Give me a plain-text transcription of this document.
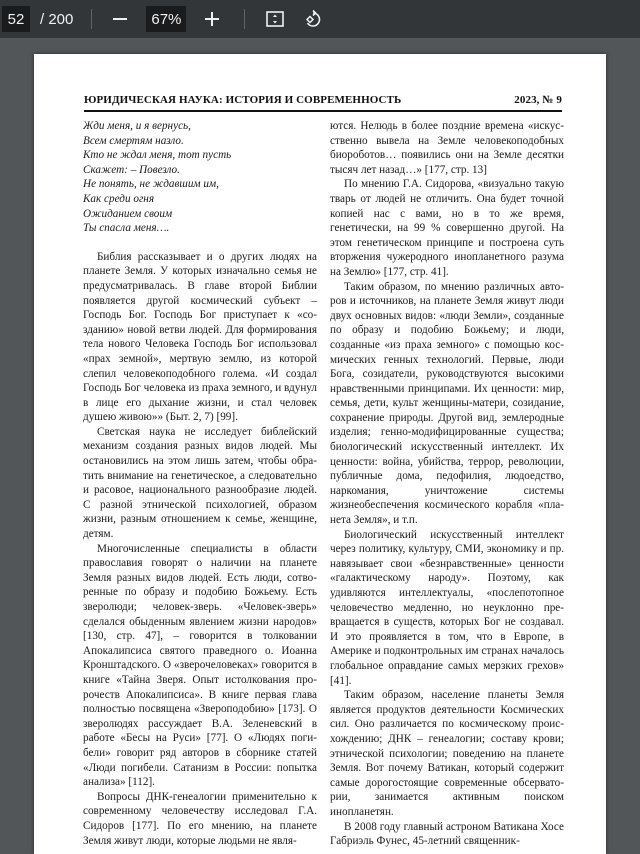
52	/ 200	67%
ЮРИДИЧЕСКАЯ НАУКА: ИСТОРИЯ И СОВРЕМЕННОСТЬ	2023, № 9

Жди меня, и я вернусь,

Всем смертям назло.

Кто не ждал меня, тот пусть

Скажет: – Повезло.

Не понять, не ждавшим им,

Как среди огня

Ожиданием своим

Ты спасла меня….

Библия рассказывает и о других людях на планете Земля. У которых изначально семья не предусматривалась. В главе второй Библии появляется другой космический субъект – Господь Бог. Господь Бог приступает к «созданию» новой ветви людей. Для формирования тела нового Человека Господь Бог использовал «прах земной», мертвую землю, из которой слепил человекоподобного голема. «И создал Господь Бог человека из праха земного, и вдунул в лице его дыхание жизни, и стал человек душею живою»» (Быт. 2, 7) [99].

Светская наука не исследует библейский механизм создания разных видов людей. Мы остановились на этом лишь затем, чтобы обратить внимание на генетическое, а следовательно и расовое, национального разнообразие людей. С разной этнической психологией, образом жизни, разным отношением к семье, женщине, детям.

Многочисленные специалисты в области православия говорят о наличии на планете Земля разных видов людей. Есть люди, сотворенные по образу и подобию Божьему. Есть зверолюди; человек-зверь. «Человек-зверь» сделался обыденным явлением жизни народов» [130, стр. 47], – говорится в толковании Апокалипсиса святого праведного о. Иоанна Кронштадского. О «зверочеловеках» говорится в книге «Тайна Зверя. Опыт истолкования пророчеств Апокалипсиса». В книге первая глава полностью посвящена «Звероподобию» [173]. О зверолюдях рассуждает В.А. Зеленевский в работе «Бесы на Руси» [77]. О «Людях погибели» говорит ряд авторов в сборнике статей «Люди погибели. Сатанизм в России: попытка анализа» [112].

Вопросы ДНК-генеалогии применительно к современному человечеству исследовал Г.А. Сидоров [177]. По его мнению, на планете Земля живут люди, которые людьми не явля-

ются. Нелюдь в более поздние времена «искусственно вывела на Земле человекоподобных биороботов… появились они на Земле десятки тысяч лет назад…» [177, стр. 13]

По мнению Г.А. Сидорова, «визуально такую тварь от людей не отличить. Она будет точной копией нас с вами, но в то же время, генетически, на 99 % совершенно другой. На этом генетическом принципе и построена суть вторжения чужеродного инопланетного разума на Землю» [177, стр. 41].

Таким образом, по мнению различных авторов и источников, на планете Земля живут люди двух основных видов: «люди Земли», созданные по образу и подобию Божьему; и люди, созданные «из праха земного» с помощью космических генных технологий. Первые, люди Бога, созидатели, руководствуются высокими нравственными принципами. Их ценности: мир, семья, дети, культ женщины-матери, созидание, сохранение природы. Другой вид, землеродные изделия; генно-модифицированные существа; биологический искусственный интеллект. Их ценности: война, убийства, террор, революции, публичные дома, педофилия, людоедство, наркомания, уничтожение системы жизнеобеспечения космического корабля «планета Земля», и т.п.

Биологический искусственный интеллект через политику, культуру, СМИ, экономику и пр. навязывает свои «безнравственные» ценности «галактическому народу». Поэтому, как удивляются интеллектуалы, «послепотопное человечество медленно, но неуклонно превращается в существ, которых Бог не создавал. И это проявляется в том, что в Европе, в Америке и подконтрольных им странах началось глобальное оправдание самых мерзких грехов» [41].

Таким образом, население планеты Земля является продуктов деятельности Космических сил. Оно различается по космическому происхождению; ДНК – генеалогии; составу крови; этнической психологии; поведению на планете Земля. Вот почему Ватикан, который содержит самые дорогостоящие современные обсерватории, занимается активным поиском инопланетян.

В 2008 году главный астроном Ватикана Хосе Габриэль Фунес, 45-летний священник-
